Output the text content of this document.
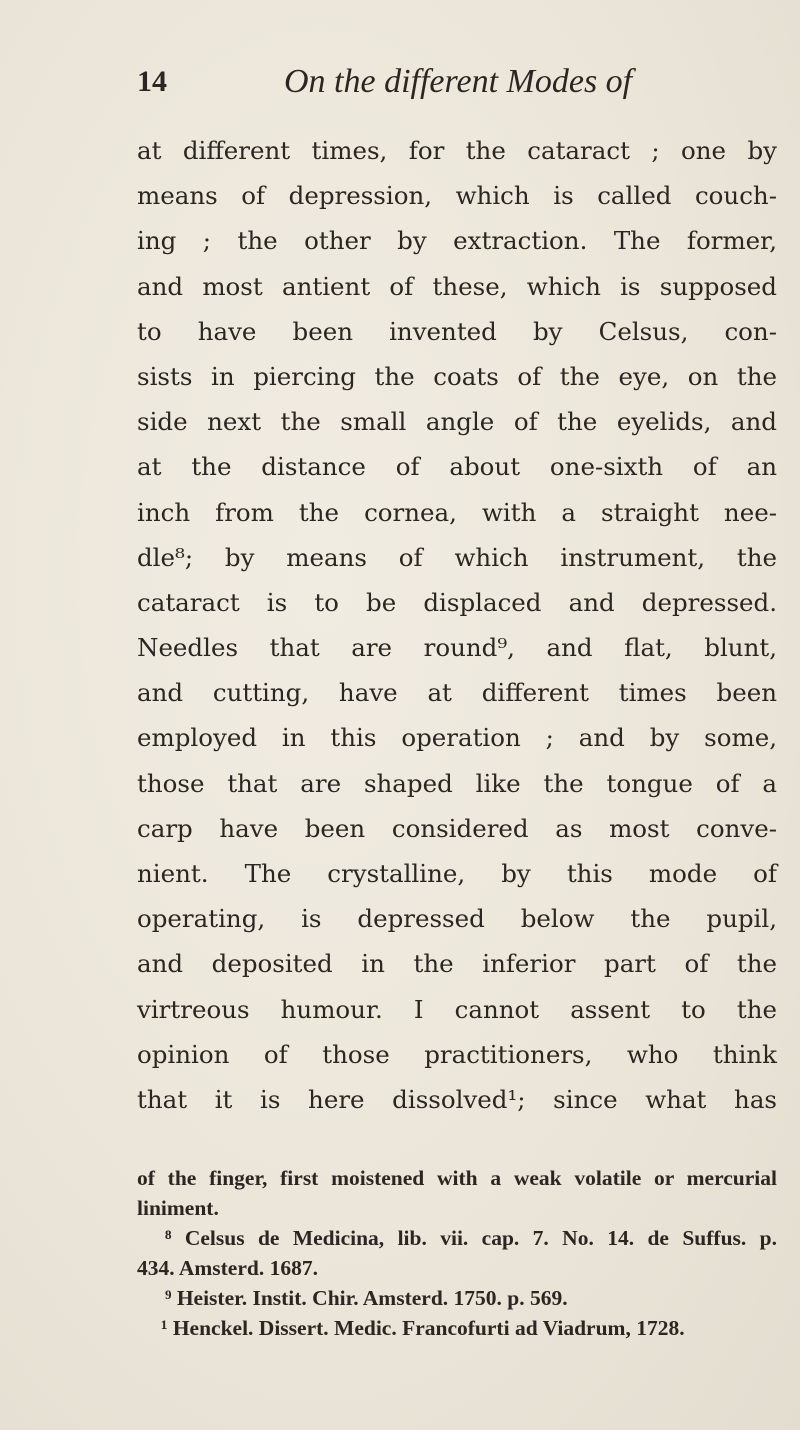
14	On the different Modes of
at different times, for the cataract ; one by
means of depression, which is called couch-
ing ; the other by extraction. The former,
and most antient of these, which is supposed
to have been invented by Celsus, con-
sists in piercing the coats of the eye, on the
side next the small angle of the eyelids, and
at the distance of about one-sixth of an
inch from the cornea, with a straight nee-
dle⁸; by means of which instrument, the
cataract is to be displaced and depressed.
Needles that are round⁹, and flat, blunt,
and cutting, have at different times been
employed in this operation ; and by some,
those that are shaped like the tongue of a
carp have been considered as most conve-
nient. The crystalline, by this mode of
operating, is depressed below the pupil,
and deposited in the inferior part of the
virtreous humour. I cannot assent to the
opinion of those practitioners, who think
that it is here dissolved¹; since what has
of the finger, first moistened with a weak volatile or mercurial
liniment.
⁸ Celsus de Medicina, lib. vii. cap. 7. No. 14. de Suffus. p.
434. Amsterd. 1687.
⁹ Heister. Instit. Chir. Amsterd. 1750. p. 569.
¹ Henckel. Dissert. Medic. Francofurti ad Viadrum, 1728.
